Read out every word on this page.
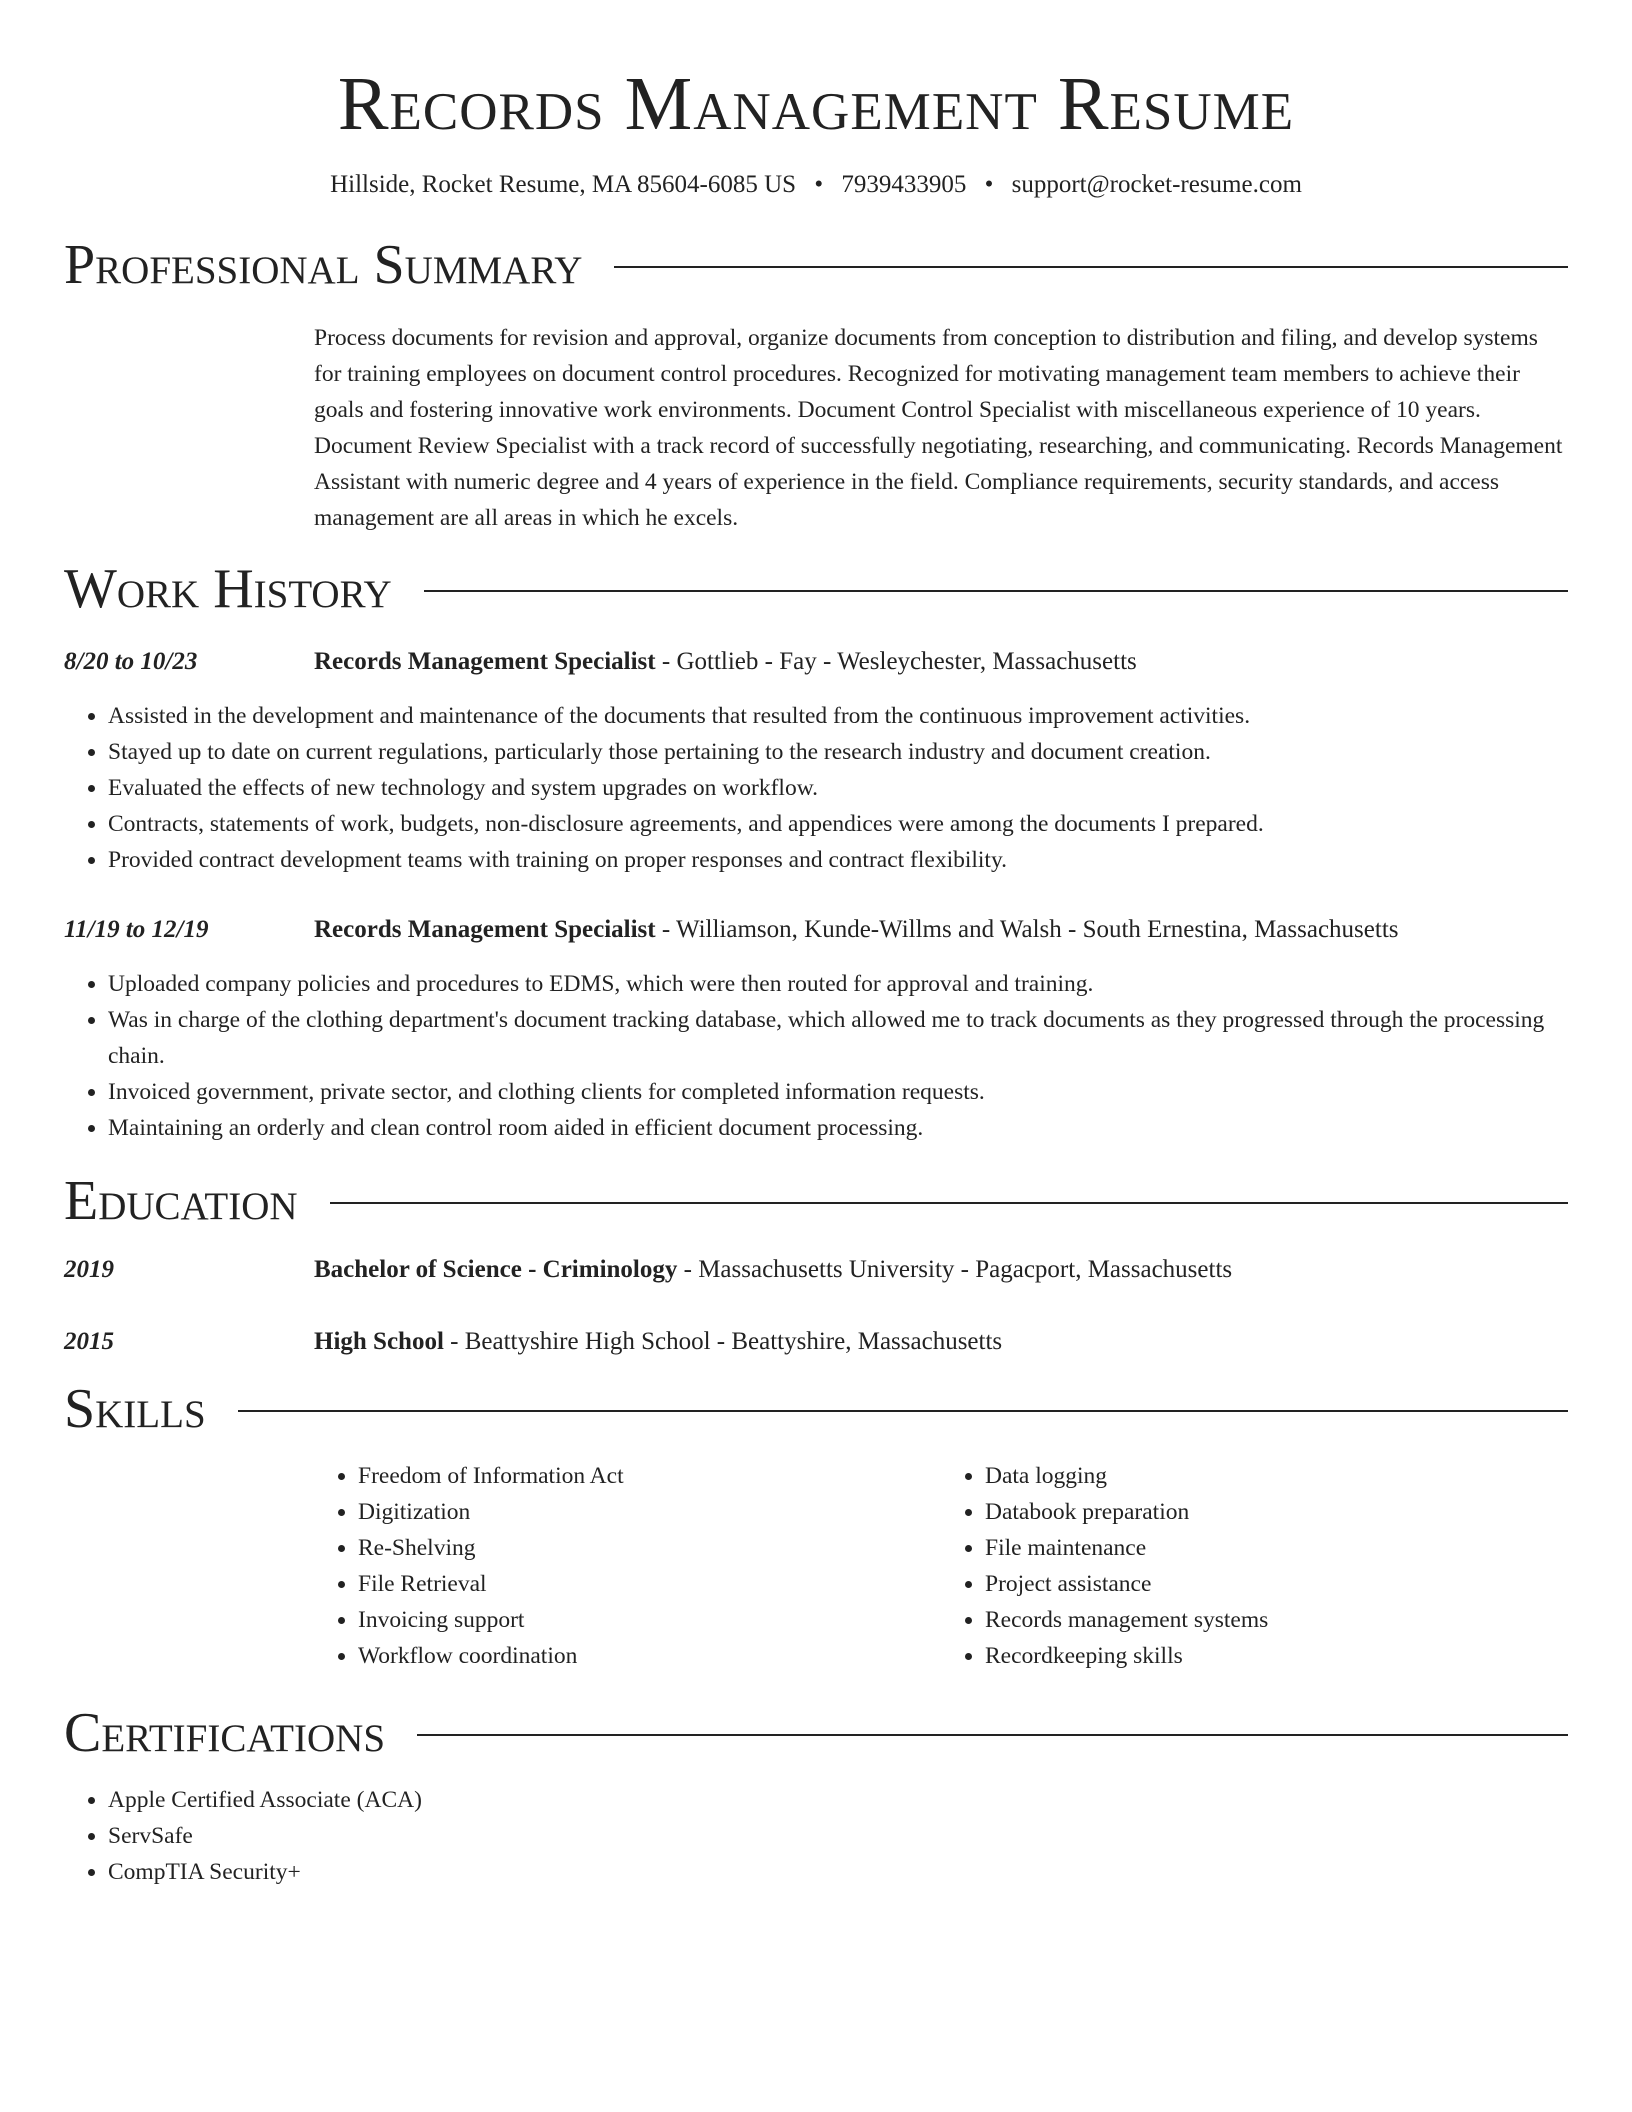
Records Management Resume
Hillside, Rocket Resume, MA 85604-6085 US • 7939433905 • support@rocket-resume.com
Professional Summary
Process documents for revision and approval, organize documents from conception to distribution and filing, and develop systems for training employees on document control procedures. Recognized for motivating management team members to achieve their goals and fostering innovative work environments. Document Control Specialist with miscellaneous experience of 10 years. Document Review Specialist with a track record of successfully negotiating, researching, and communicating. Records Management Assistant with numeric degree and 4 years of experience in the field. Compliance requirements, security standards, and access management are all areas in which he excels.
Work History
8/20 to 10/23	Records Management Specialist - Gottlieb - Fay - Wesleychester, Massachusetts
• Assisted in the development and maintenance of the documents that resulted from the continuous improvement activities.
• Stayed up to date on current regulations, particularly those pertaining to the research industry and document creation.
• Evaluated the effects of new technology and system upgrades on workflow.
• Contracts, statements of work, budgets, non-disclosure agreements, and appendices were among the documents I prepared.
• Provided contract development teams with training on proper responses and contract flexibility.
11/19 to 12/19	Records Management Specialist - Williamson, Kunde-Willms and Walsh - South Ernestina, Massachusetts
• Uploaded company policies and procedures to EDMS, which were then routed for approval and training.
• Was in charge of the clothing department's document tracking database, which allowed me to track documents as they progressed through the processing chain.
• Invoiced government, private sector, and clothing clients for completed information requests.
• Maintaining an orderly and clean control room aided in efficient document processing.
Education
2019	Bachelor of Science - Criminology - Massachusetts University - Pagacport, Massachusetts
2015	High School - Beattyshire High School - Beattyshire, Massachusetts
Skills
• Freedom of Information Act
• Digitization
• Re-Shelving
• File Retrieval
• Invoicing support
• Workflow coordination
• Data logging
• Databook preparation
• File maintenance
• Project assistance
• Records management systems
• Recordkeeping skills
Certifications
• Apple Certified Associate (ACA)
• ServSafe
• CompTIA Security+
